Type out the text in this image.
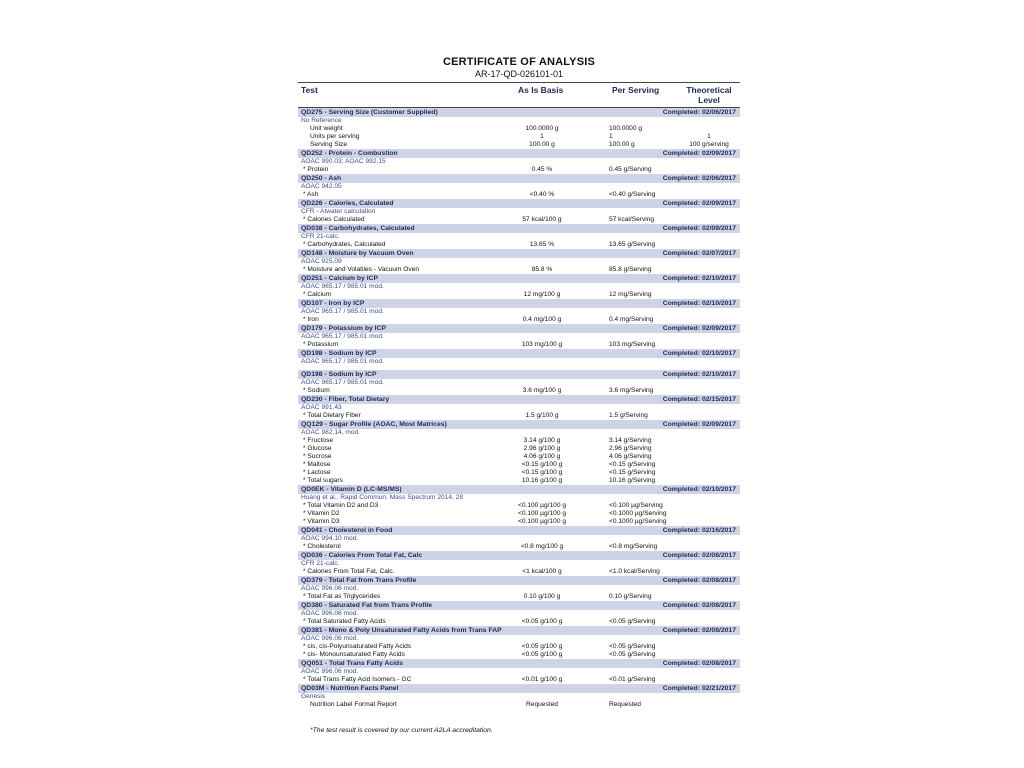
CERTIFICATE OF ANALYSIS
AR-17-QD-026101-01
Test	As Is Basis	Per Serving	Theoretical Level
QD275 - Serving Size (Customer Supplied)	Completed: 02/06/2017
No Reference
Unit weight	100.0000 g	100.0000 g
Units per serving	1	1	1
Serving Size	100.00 g	100.00 g	100 g/serving
QD252 - Protein - Combustion	Completed: 02/09/2017
AOAC 990.03; AOAC 992.15
* Protein	0.45 %	0.45 g/Serving
QD250 - Ash	Completed: 02/06/2017
AOAC 942.05
* Ash	<0.40 %	<0.40 g/Serving
QD226 - Calories, Calculated	Completed: 02/09/2017
CFR - Atwater calculation
* Calories Calculated	57 kcal/100 g	57 kcal/Serving
QD038 - Carbohydrates, Calculated	Completed: 02/09/2017
CFR 21-calc.
* Carbohydrates, Calculated	13.65 %	13.65 g/Serving
QD148 - Moisture by Vacuum Oven	Completed: 02/07/2017
AOAC 925.09
* Moisture and Volatiles - Vacuum Oven	85.8 %	85.8 g/Serving
QD251 - Calcium by ICP	Completed: 02/10/2017
AOAC 965.17 / 985.01 mod.
* Calcium	12 mg/100 g	12 mg/Serving
QD107 - Iron by ICP	Completed: 02/10/2017
AOAC 965.17 / 985.01 mod.
* Iron	0.4 mg/100 g	0.4 mg/Serving
QD179 - Potassium by ICP	Completed: 02/09/2017
AOAC 965.17 / 985.01 mod.
* Potassium	103 mg/100 g	103 mg/Serving
QD198 - Sodium by ICP	Completed: 02/10/2017
AOAC 965.17 / 985.01 mod.
QD198 - Sodium by ICP	Completed: 02/10/2017
AOAC 965.17 / 985.01 mod.
* Sodium	3.6 mg/100 g	3.6 mg/Serving
QD230 - Fiber, Total Dietary	Completed: 02/15/2017
AOAC 991.43
* Total Dietary Fiber	1.5 g/100 g	1.5 g/Serving
QQ129 - Sugar Profile (AOAC, Most Matrices)	Completed: 02/09/2017
AOAC 982.14, mod.
* Fructose	3.14 g/100 g	3.14 g/Serving
* Glucose	2.96 g/100 g	2.96 g/Serving
* Sucrose	4.06 g/100 g	4.06 g/Serving
* Maltose	<0.15 g/100 g	<0.15 g/Serving
* Lactose	<0.15 g/100 g	<0.15 g/Serving
* Total sugars	10.16 g/100 g	10.16 g/Serving
QD0EK - Vitamin D (LC-MS/MS)	Completed: 02/10/2017
Huang et al., Rapid Commun. Mass Spectrum 2014, 28
* Total Vitamin D2 and D3	<0.100 µg/100 g	<0.100 µg/Serving
* Vitamin D2	<0.100 µg/100 g	<0.1000 µg/Serving
* Vitamin D3	<0.100 µg/100 g	<0.1000 µg/Serving
QD041 - Cholesterol in Food	Completed: 02/16/2017
AOAC 994.10 mod.
* Cholesterol	<0.8 mg/100 g	<0.8 mg/Serving
QD036 - Calories From Total Fat, Calc	Completed: 02/08/2017
CFR 21-calc.
* Calories From Total Fat, Calc.	<1 kcal/100 g	<1.0 kcal/Serving
QD379 - Total Fat from Trans Profile	Completed: 02/08/2017
AOAC 996.06 mod.
* Total Fat as Triglycerides	0.10 g/100 g	0.10 g/Serving
QD380 - Saturated Fat from Trans Profile	Completed: 02/08/2017
AOAC 996.06 mod.
* Total Saturated Fatty Acids	<0.05 g/100 g	<0.05 g/Serving
QD381 - Mono & Poly Unsaturated Fatty Acids from Trans FAP	Completed: 02/08/2017
AOAC 996.06 mod.
* cis, cis-Polyunsaturated Fatty Acids	<0.05 g/100 g	<0.05 g/Serving
* cis- Monounsaturated Fatty Acids	<0.05 g/100 g	<0.05 g/Serving
QQ051 - Total Trans Fatty Acids	Completed: 02/08/2017
AOAC 996.06 mod.
* Total Trans Fatty Acid Isomers - GC	<0.01 g/100 g	<0.01 g/Serving
QD03M - Nutrition Facts Panel	Completed: 02/21/2017
Genesis
Nutrition Label Format Report	Requested	Requested
*The test result is covered by our current A2LA accreditation.
